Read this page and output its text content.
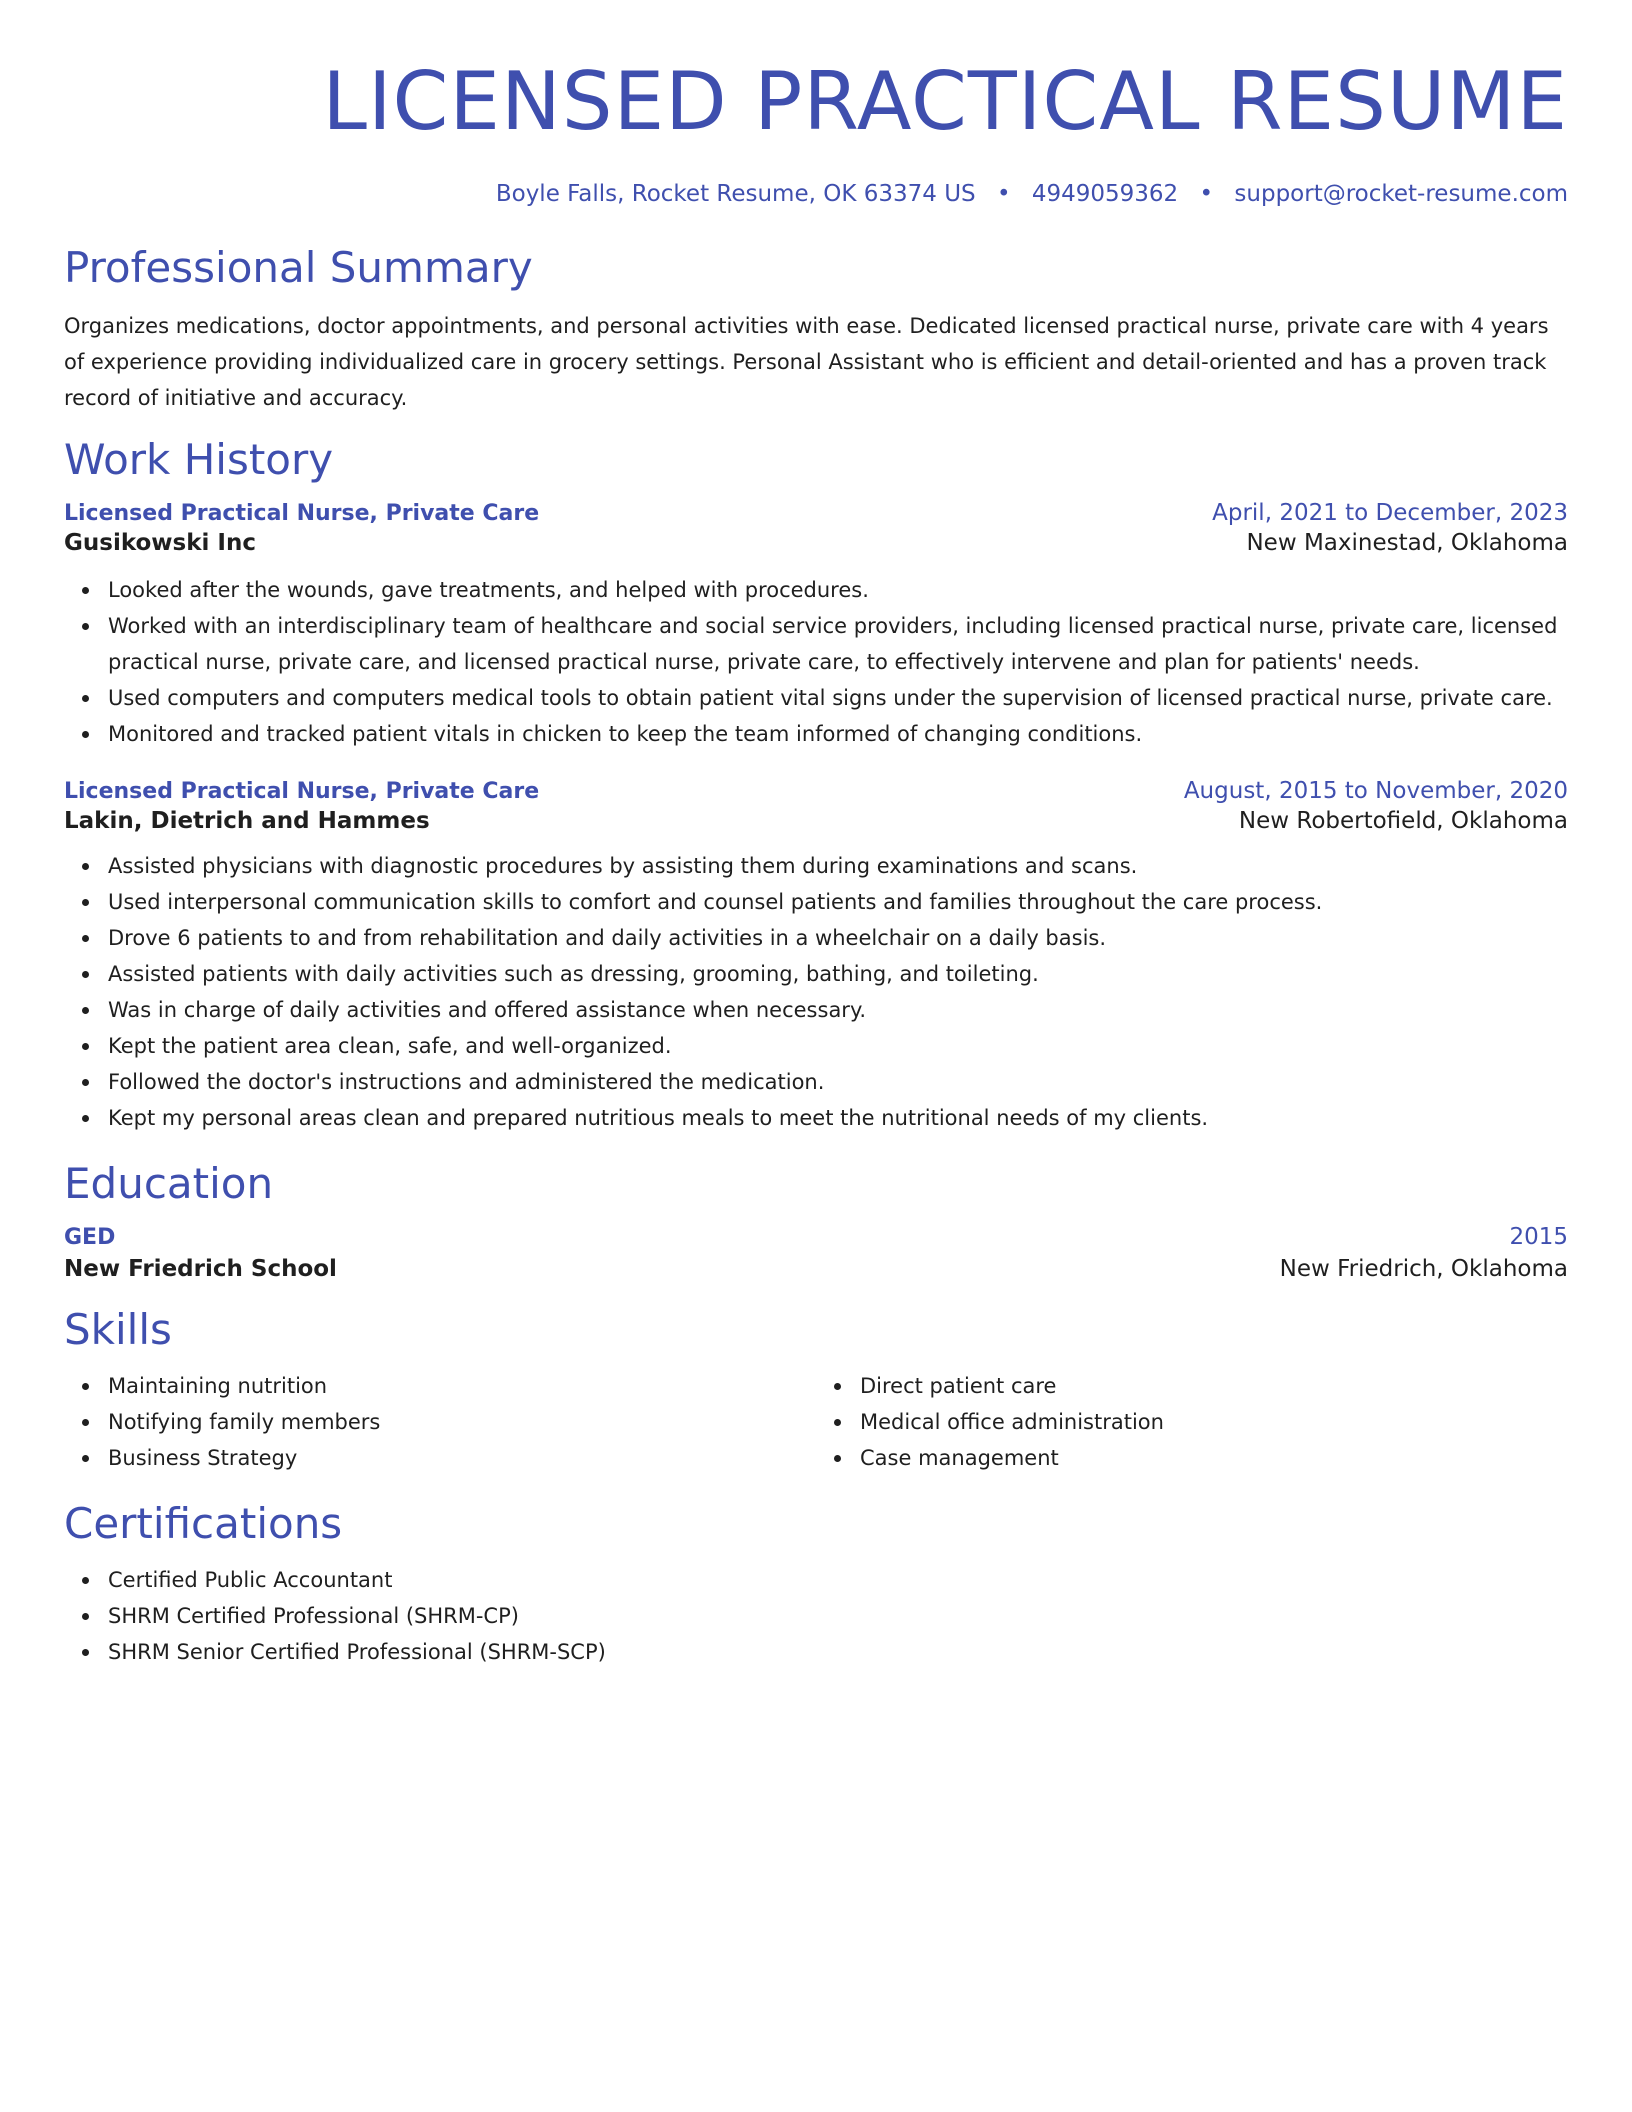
LICENSED PRACTICAL RESUME
Boyle Falls, Rocket Resume, OK 63374 US • 4949059362 • support@rocket-resume.com
Professional Summary
Organizes medications, doctor appointments, and personal activities with ease. Dedicated licensed practical nurse, private care with 4 years of experience providing individualized care in grocery settings. Personal Assistant who is efficient and detail-oriented and has a proven track record of initiative and accuracy.
Work History
Licensed Practical Nurse, Private Care	April, 2021 to December, 2023
Gusikowski Inc	New Maxinestad, Oklahoma
Looked after the wounds, gave treatments, and helped with procedures.
Worked with an interdisciplinary team of healthcare and social service providers, including licensed practical nurse, private care, licensed practical nurse, private care, and licensed practical nurse, private care, to effectively intervene and plan for patients' needs.
Used computers and computers medical tools to obtain patient vital signs under the supervision of licensed practical nurse, private care.
Monitored and tracked patient vitals in chicken to keep the team informed of changing conditions.
Licensed Practical Nurse, Private Care	August, 2015 to November, 2020
Lakin, Dietrich and Hammes	New Robertofield, Oklahoma
Assisted physicians with diagnostic procedures by assisting them during examinations and scans.
Used interpersonal communication skills to comfort and counsel patients and families throughout the care process.
Drove 6 patients to and from rehabilitation and daily activities in a wheelchair on a daily basis.
Assisted patients with daily activities such as dressing, grooming, bathing, and toileting.
Was in charge of daily activities and offered assistance when necessary.
Kept the patient area clean, safe, and well-organized.
Followed the doctor's instructions and administered the medication.
Kept my personal areas clean and prepared nutritious meals to meet the nutritional needs of my clients.
Education
GED	2015
New Friedrich School	New Friedrich, Oklahoma
Skills
Maintaining nutrition
Notifying family members
Business Strategy
Direct patient care
Medical office administration
Case management
Certifications
Certified Public Accountant
SHRM Certified Professional (SHRM-CP)
SHRM Senior Certified Professional (SHRM-SCP)
